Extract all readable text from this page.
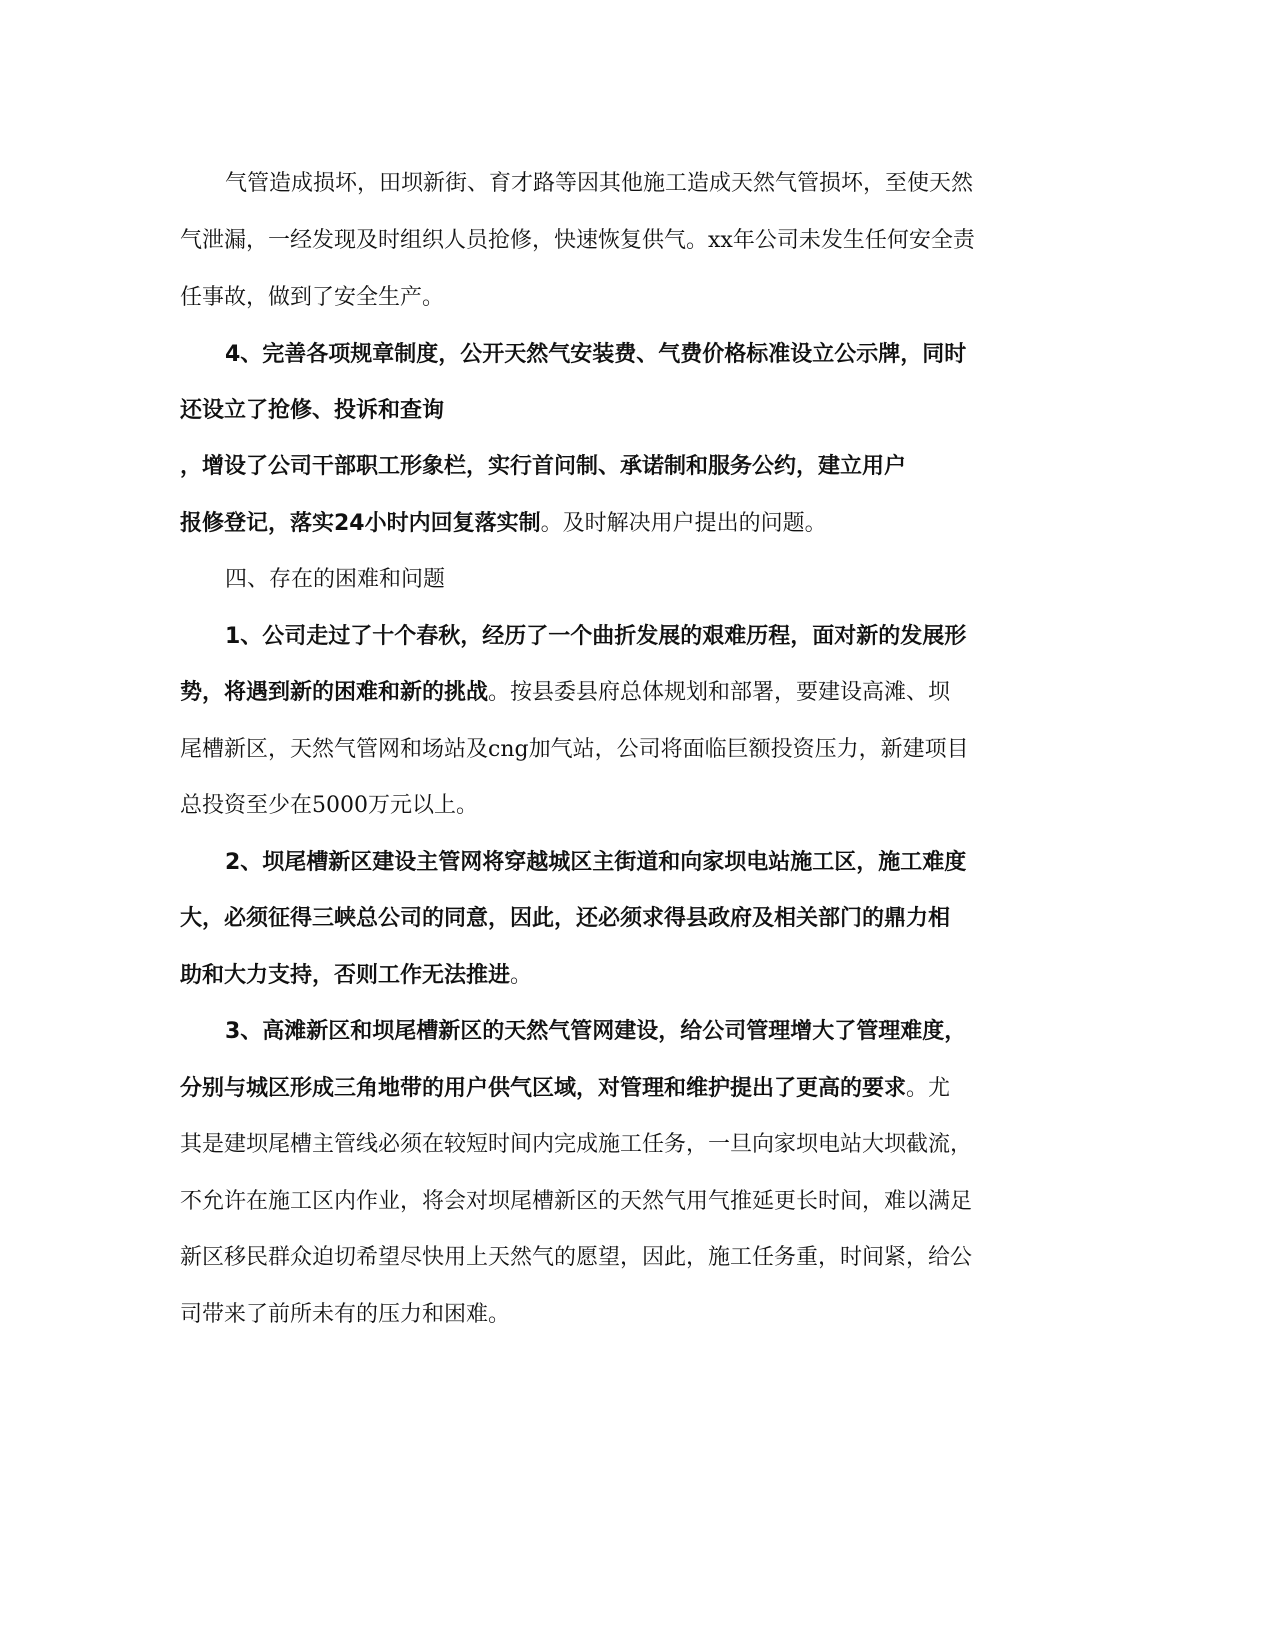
气管造成损坏，田坝新街、育才路等因其他施工造成天然气管损坏，至使天然
气泄漏，一经发现及时组织人员抢修，快速恢复供气。xx年公司未发生任何安全责
任事故，做到了安全生产。
4、完善各项规章制度，公开天然气安装费、气费价格标准设立公示牌，同时
还设立了抢修、投诉和查询
，增设了公司干部职工形象栏，实行首问制、承诺制和服务公约，建立用户
报修登记，落实24小时内回复落实制。及时解决用户提出的问题。
四、存在的困难和问题
1、公司走过了十个春秋，经历了一个曲折发展的艰难历程，面对新的发展形
势，将遇到新的困难和新的挑战。按县委县府总体规划和部署，要建设高滩、坝
尾槽新区，天然气管网和场站及cng加气站，公司将面临巨额投资压力，新建项目
总投资至少在5000万元以上。
2、坝尾槽新区建设主管网将穿越城区主街道和向家坝电站施工区，施工难度
大，必须征得三峡总公司的同意，因此，还必须求得县政府及相关部门的鼎力相
助和大力支持，否则工作无法推进。
3、高滩新区和坝尾槽新区的天然气管网建设，给公司管理增大了管理难度，
分别与城区形成三角地带的用户供气区域，对管理和维护提出了更高的要求。尤
其是建坝尾槽主管线必须在较短时间内完成施工任务，一旦向家坝电站大坝截流，
不允许在施工区内作业，将会对坝尾槽新区的天然气用气推延更长时间，难以满足
新区移民群众迫切希望尽快用上天然气的愿望，因此，施工任务重，时间紧，给公
司带来了前所未有的压力和困难。
